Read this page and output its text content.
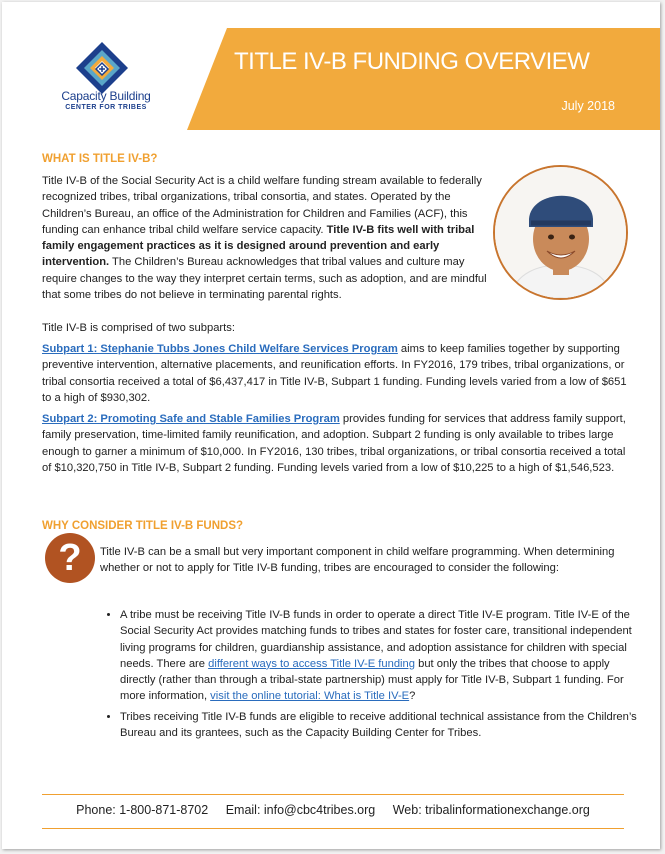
Capacity Building
CENTER FOR TRIBES
TITLE IV-B FUNDING OVERVIEW
July 2018
WHAT IS TITLE IV-B?

Title IV-B of the Social Security Act is a child welfare funding stream available to federally recognized tribes, tribal organizations, tribal consortia, and states. Operated by the Children’s Bureau, an office of the Administration for Children and Families (ACF), this funding can enhance tribal child welfare service capacity. Title IV-B fits well with tribal family engagement practices as it is designed around prevention and early intervention. The Children’s Bureau acknowledges that tribal values and culture may require changes to the way they interpret certain terms, such as adoption, and are mindful that some tribes do not believe in terminating parental rights.

Title IV-B is comprised of two subparts:

Subpart 1: Stephanie Tubbs Jones Child Welfare Services Program aims to keep families together by supporting preventive intervention, alternative placements, and reunification efforts. In FY2016, 179 tribes, tribal organizations, or tribal consortia received a total of $6,437,417 in Title IV-B, Subpart 1 funding. Funding levels varied from a low of $651 to a high of $930,302.

Subpart 2: Promoting Safe and Stable Families Program provides funding for services that address family support, family preservation, time-limited family reunification, and adoption. Subpart 2 funding is only available to tribes large enough to garner a minimum of $10,000. In FY2016, 130 tribes, tribal organizations, or tribal consortia received a total of $10,320,750 in Title IV-B, Subpart 2 funding. Funding levels varied from a low of $10,225 to a high of $1,546,523.

WHY CONSIDER TITLE IV-B FUNDS?
?	Title IV-B can be a small but very important component in child welfare programming. When determining whether or not to apply for Title IV-B funding, tribes are encouraged to consider the following:

• A tribe must be receiving Title IV-B funds in order to operate a direct Title IV-E program. Title IV-E of the Social Security Act provides matching funds to tribes and states for foster care, transitional independent living programs for children, guardianship assistance, and adoption assistance for children with special needs. There are different ways to access Title IV-E funding but only the tribes that choose to apply directly (rather than through a tribal-state partnership) must apply for Title IV-B, Subpart 1 funding. For more information, visit the online tutorial: What is Title IV-E?
• Tribes receiving Title IV-B funds are eligible to receive additional technical assistance from the Children’s Bureau and its grantees, such as the Capacity Building Center for Tribes.
Phone: 1-800-871-8702 Email: info@cbc4tribes.org Web: tribalinformationexchange.org
